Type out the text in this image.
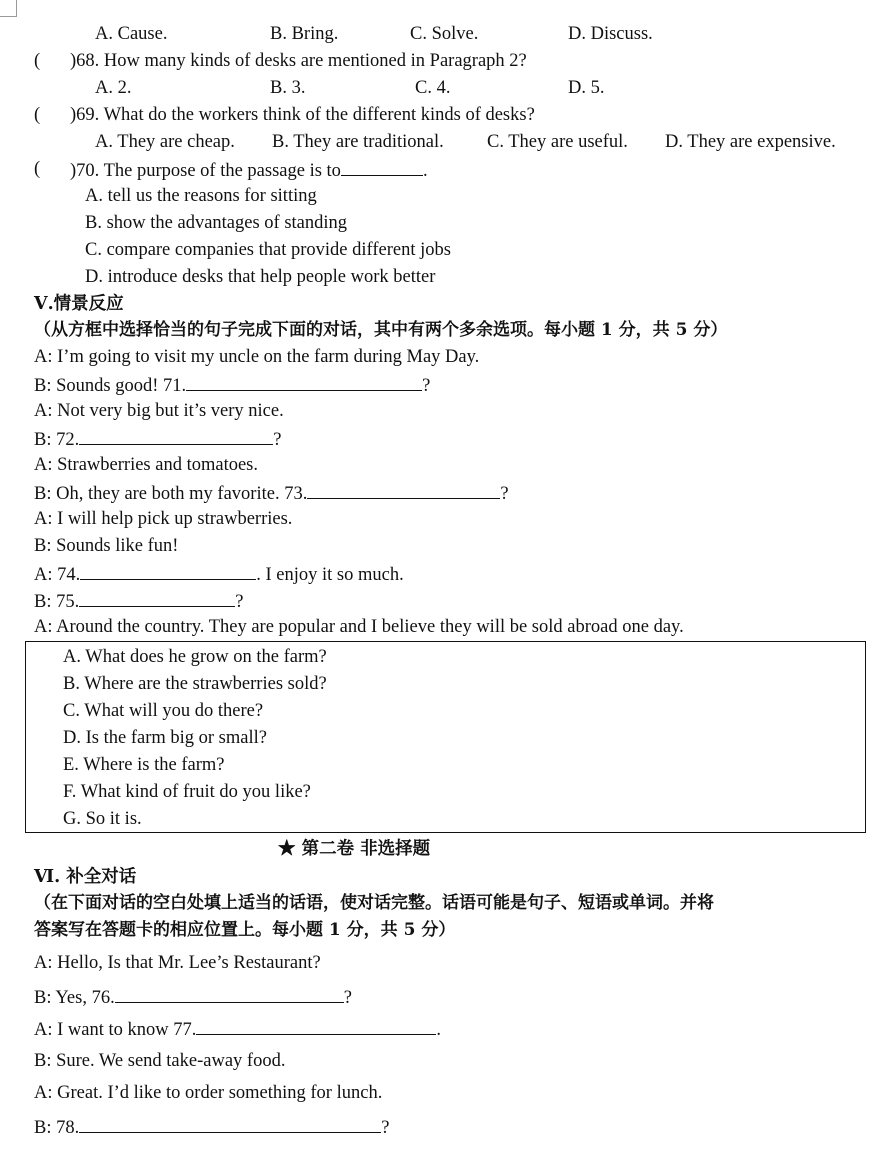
A. Cause.	B. Bring.	C. Solve.	D. Discuss.
( )68. How many kinds of desks are mentioned in Paragraph 2?
A. 2.	B. 3.	C. 4.	D. 5.
( )69. What do the workers think of the different kinds of desks?
A. They are cheap. B. They are traditional. C. They are useful. D. They are expensive.
( )70. The purpose of the passage is to	.
A. tell us the reasons for sitting
B. show the advantages of standing
C. compare companies that provide different jobs
D. introduce desks that help people work better
Ⅴ.情景反应
（从方框中选择恰当的句子完成下面的对话，其中有两个多余选项。每小题 1 分，共 5 分）
A: I’m going to visit my uncle on the farm during May Day.
B: Sounds good! 71.	?
A: Not very big but it’s very nice.
B: 72.	?
A: Strawberries and tomatoes.
B: Oh, they are both my favorite. 73.	?
A: I will help pick up strawberries.
B: Sounds like fun!
A: 74.	. I enjoy it so much.
B: 75.	?
A: Around the country. They are popular and I believe they will be sold abroad one day.
A. What does he grow on the farm?
B. Where are the strawberries sold?
C. What will you do there?
D. Is the farm big or small?
E. Where is the farm?
F. What kind of fruit do you like?
G. So it is.
★ 第二卷 非选择题
Ⅵ. 补全对话
（在下面对话的空白处填上适当的话语，使对话完整。话语可能是句子、短语或单词。并将
答案写在答题卡的相应位置上。每小题 1 分，共 5 分）
A: Hello, Is that Mr. Lee’s Restaurant?
B: Yes, 76.	?
A: I want to know 77.	.
B: Sure. We send take-away food.
A: Great. I’d like to order something for lunch.
B: 78.	?
